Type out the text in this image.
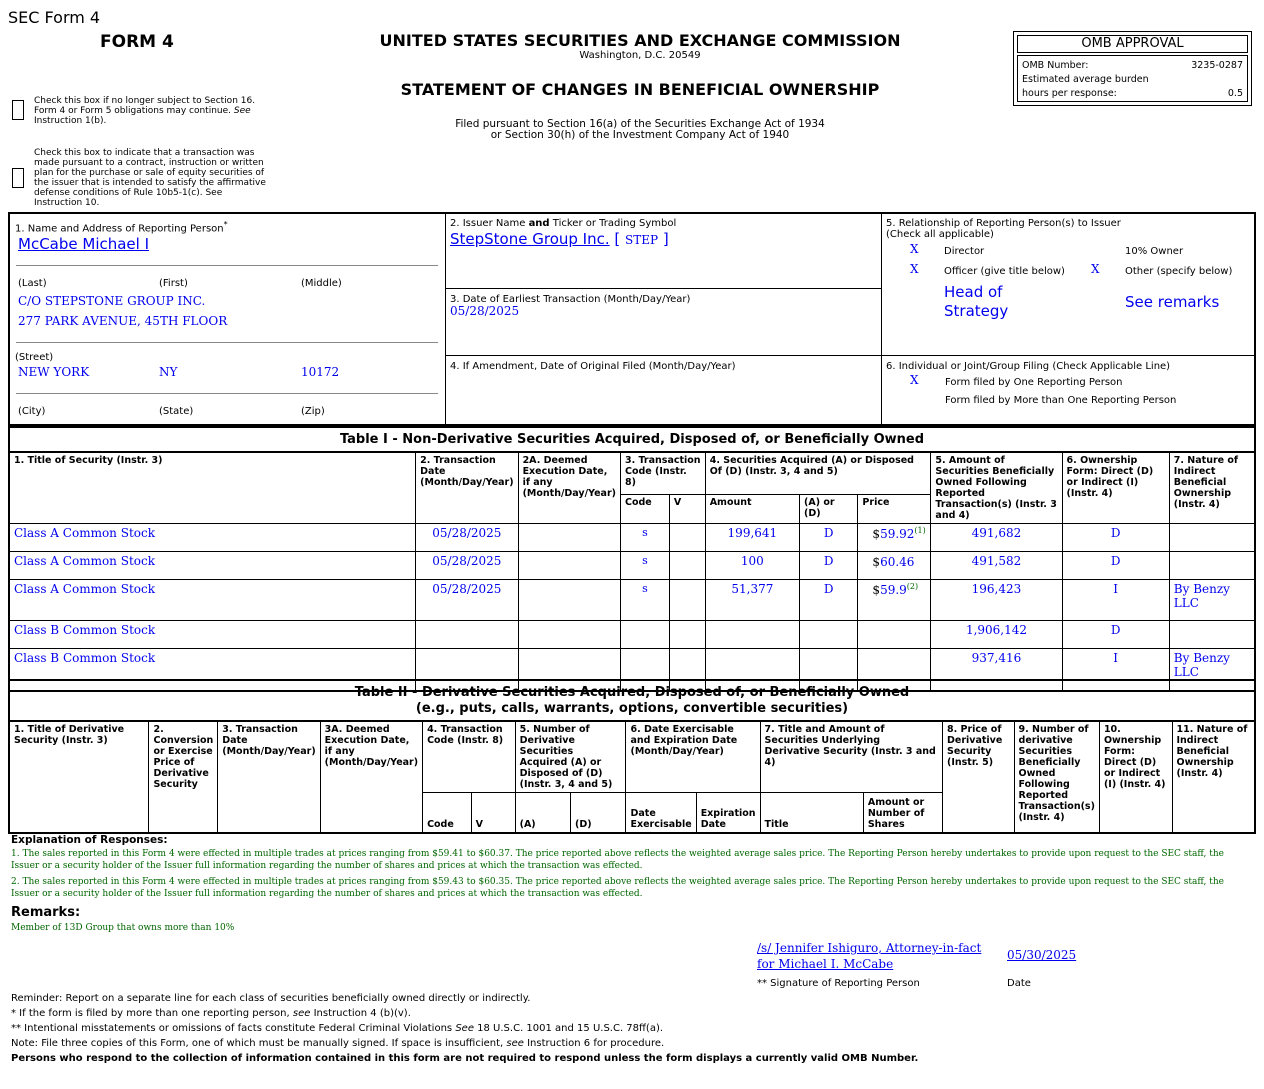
SEC Form 4
FORM 4	UNITED STATES SECURITIES AND EXCHANGE COMMISSION
Washington, D.C. 20549
STATEMENT OF CHANGES IN BENEFICIAL OWNERSHIP
Filed pursuant to Section 16(a) of the Securities Exchange Act of 1934
or Section 30(h) of the Investment Company Act of 1940
OMB APPROVAL
OMB Number:	3235-0287
Estimated average burden
hours per response:	0.5
Check this box if no longer subject to Section 16. Form 4 or Form 5 obligations may continue. See Instruction 1(b).
Check this box to indicate that a transaction was made pursuant to a contract, instruction or written plan for the purchase or sale of equity securities of the issuer that is intended to satisfy the affirmative defense conditions of Rule 10b5-1(c). See Instruction 10.
1. Name and Address of Reporting Person*
McCabe Michael I
(Last)	(First)	(Middle)
C/O STEPSTONE GROUP INC.
277 PARK AVENUE, 45TH FLOOR
(Street)
NEW YORK	NY	10172
(City)	(State)	(Zip)
2. Issuer Name and Ticker or Trading Symbol
StepStone Group Inc. [ STEP ]
3. Date of Earliest Transaction (Month/Day/Year)
05/28/2025
4. If Amendment, Date of Original Filed (Month/Day/Year)
5. Relationship of Reporting Person(s) to Issuer
(Check all applicable)
X	Director	10% Owner
X	Officer (give title below) X	Other (specify below)
Head of Strategy	See remarks
6. Individual or Joint/Group Filing (Check Applicable Line)
X	Form filed by One Reporting Person
Form filed by More than One Reporting Person
Table I - Non-Derivative Securities Acquired, Disposed of, or Beneficially Owned										
1. Title of Security (Instr. 3)	2. Transaction Date (Month/Day/Year)	2A. Deemed Execution Date, if any (Month/Day/Year)	3. Transaction Code (Instr. 8)		4. Securities Acquired (A) or Disposed Of (D) (Instr. 3, 4 and 5)			5. Amount of Securities Beneficially Owned Following Reported Transaction(s) (Instr. 3 and 4)	6. Ownership Form: Direct (D) or Indirect (I) (Instr. 4)	7. Nature of Indirect Beneficial Ownership (Instr. 4)
			Code	V	Amount	(A) or (D)	Price			
Class A Common Stock	05/28/2025		s		199,641	D	$59.92$^{(1)}$	491,682	D	
Class A Common Stock	05/28/2025		s		100	D	$60.46	491,582	D	
Class A Common Stock	05/28/2025		s		51,377	D	$59.9$^{(2)}$	196,423	I	By Benzy LLC
Class B Common Stock								1,906,142	D	
Class B Common Stock								937,416	I	By Benzy LLC
Table II - Derivative Securities Acquired, Disposed of, or Beneficially Owned
(e.g., puts, calls, warrants, options, convertible securities)															

1. Title of Derivative Security (Instr. 3)	2. Conversion or Exercise Price of Derivative Security	3. Transaction Date (Month/Day/Year)	3A. Deemed Execution Date, if any (Month/Day/Year)	4. Transaction Code (Instr. 8)		5. Number of Derivative Securities Acquired (A) or Disposed of (D) (Instr. 3, 4 and 5)		6. Date Exercisable and Expiration Date (Month/Day/Year)		7. Title and Amount of Securities Underlying Derivative Security (Instr. 3 and 4)		8. Price of Derivative Security (Instr. 5)	9. Number of derivative Securities Beneficially Owned Following Reported Transaction(s) (Instr. 4)	10. Ownership Form: Direct (D) or Indirect (I) (Instr. 4)	11. Nature of Indirect Beneficial Ownership (Instr. 4)
				Code	V	(A)	(D)	Date Exercisable	Expiration Date	Title	Amount or Number of Shares				
Explanation of Responses:
1. The sales reported in this Form 4 were effected in multiple trades at prices ranging from $59.41 to $60.37. The price reported above reflects the weighted average sales price. The Reporting Person hereby undertakes to provide upon request to the SEC staff, the Issuer or a security holder of the Issuer full information regarding the number of shares and prices at which the transaction was effected.
2. The sales reported in this Form 4 were effected in multiple trades at prices ranging from $59.43 to $60.35. The price reported above reflects the weighted average sales price. The Reporting Person hereby undertakes to provide upon request to the SEC staff, the Issuer or a security holder of the Issuer full information regarding the number of shares and prices at which the transaction was effected.
Remarks:
Member of 13D Group that owns more than 10%
/s/ Jennifer Ishiguro, Attorney-in-fact for Michael I. McCabe
05/30/2025
** Signature of Reporting Person	Date
Reminder: Report on a separate line for each class of securities beneficially owned directly or indirectly.
* If the form is filed by more than one reporting person, see Instruction 4 (b)(v).
** Intentional misstatements or omissions of facts constitute Federal Criminal Violations See 18 U.S.C. 1001 and 15 U.S.C. 78ff(a).
Note: File three copies of this Form, one of which must be manually signed. If space is insufficient, see Instruction 6 for procedure.
Persons who respond to the collection of information contained in this form are not required to respond unless the form displays a currently valid OMB Number.
